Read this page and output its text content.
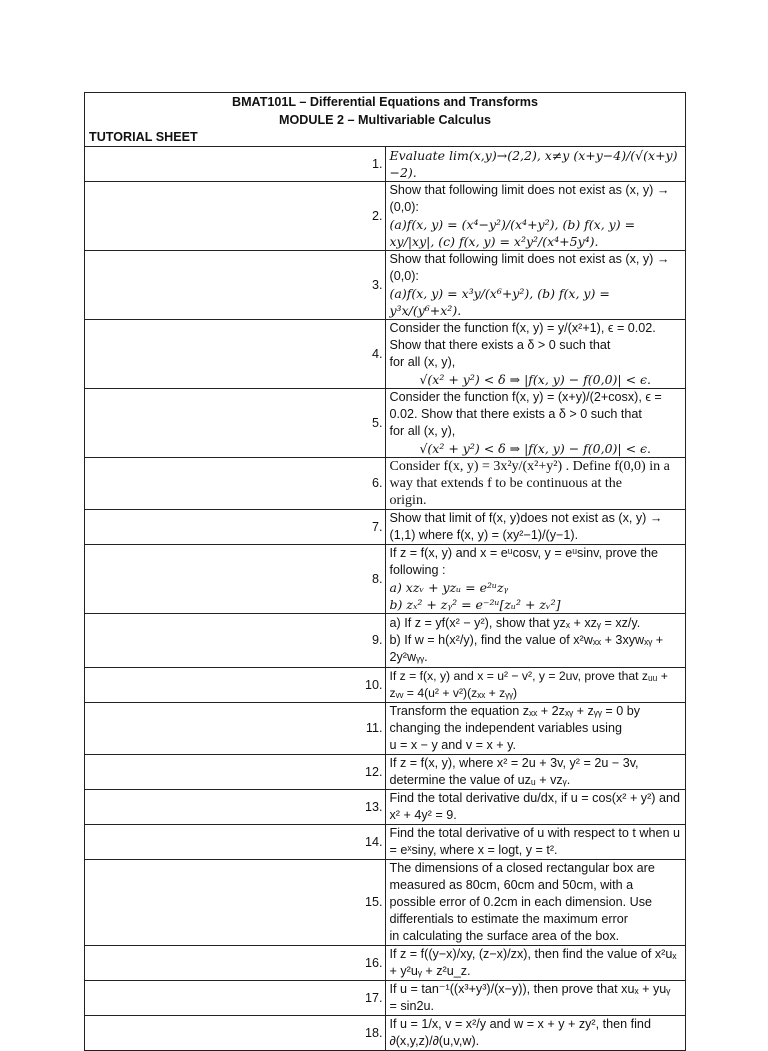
BMAT101L – Differential Equations and Transforms
MODULE 2 – Multivariable Calculus
TUTORIAL SHEET	

1.	Evaluate lim(x,y)→(2,2), x≠y (x+y−4)/(√(x+y) −2).

2.	Show that following limit does not exist as (x, y) → (0,0):
(a)f(x, y) = (x⁴−y²)/(x⁴+y²), (b) f(x, y) = xy/|xy|, (c) f(x, y) = x²y²/(x⁴+5y⁴).

3.	Show that following limit does not exist as (x, y) → (0,0):
(a)f(x, y) = x³y/(x⁶+y²), (b) f(x, y) = y³x/(y⁶+x²).

4.	Consider the function f(x, y) = y/(x²+1), ϵ = 0.02. Show that there exists a δ > 0 such that
for all (x, y),
√(x² + y²) < δ ⇒ |f(x, y) − f(0,0)| < ϵ.

5.	Consider the function f(x, y) = (x+y)/(2+cosx), ϵ = 0.02. Show that there exists a δ > 0 such that
for all (x, y),
√(x² + y²) < δ ⇒ |f(x, y) − f(0,0)| < ϵ.

6.	Consider f(x, y) = 3x²y/(x²+y²) . Define f(0,0) in a way that extends f to be continuous at the
origin.

7.	Show that limit of f(x, y)does not exist as (x, y) → (1,1) where f(x, y) = (xy²−1)/(y−1).

8.	If z = f(x, y) and x = eᵘcosv, y = eᵘsinv, prove the following :
a) xzᵥ + yzᵤ = e²ᵘzᵧ
b) zₓ² + zᵧ² = e⁻²ᵘ[zᵤ² + zᵥ²]

9.	a) If z = yf(x² − y²), show that yzₓ + xzᵧ = xz/y.
b) If w = h(x²/y), find the value of x²wₓₓ + 3xywₓᵧ + 2y²wᵧᵧ.

10.	If z = f(x, y) and x = u² − v², y = 2uv, prove that zᵤᵤ + zᵥᵥ = 4(u² + v²)(zₓₓ + zᵧᵧ)

11.	Transform the equation zₓₓ + 2zₓᵧ + zᵧᵧ = 0 by changing the independent variables using
u = x − y and v = x + y.

12.	If z = f(x, y), where x² = 2u + 3v, y² = 2u − 3v, determine the value of uzᵤ + vzᵧ.

13.	Find the total derivative du/dx, if u = cos(x² + y²) and x² + 4y² = 9.

14.	Find the total derivative of u with respect to t when u = eˣsiny, where x = logt, y = t².

15.	The dimensions of a closed rectangular box are measured as 80cm, 60cm and 50cm, with a
possible error of 0.2cm in each dimension. Use differentials to estimate the maximum error
in calculating the surface area of the box.

16.	If z = f((y−x)/xy, (z−x)/zx), then find the value of x²uₓ + y²uᵧ + z²u_z.

17.	If u = tan⁻¹((x³+y³)/(x−y)), then prove that xuₓ + yuᵧ = sin2u.

18.	If u = 1/x, v = x²/y and w = x + y + zy², then find ∂(x,y,z)/∂(u,v,w).
